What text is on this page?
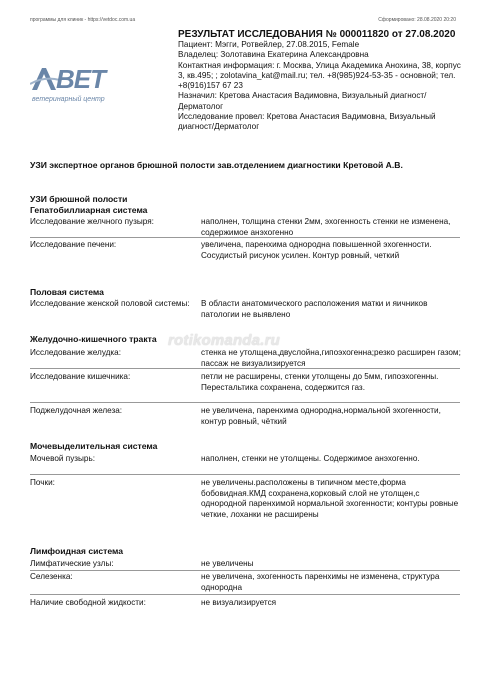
программы для клиник - https://vetdoc.com.ua	Сформировано: 28.08.2020 20:20
ВЕТ
ветеринарный центр
РЕЗУЛЬТАТ ИССЛЕДОВАНИЯ № 000011820 от 27.08.2020
Пациент: Мэгги, Ротвейлер, 27.08.2015, Female
Владелец: Золотавина Екатерина Александровна
Контактная информация: г. Москва, Улица Академика Анохина, 38, корпус 3, кв.495; ; zolotavina_kat@mail.ru; тел. +8(985)924-53-35 - основной; тел. +8(916)157 67 23
Назначил: Кретова Анастасия Вадимовна, Визуальный диагност/Дерматолог
Исследование провел: Кретова Анастасия Вадимовна, Визуальный диагност/Дерматолог
УЗИ экспертное органов брюшной полости зав.отделением диагностики Кретовой А.В.
УЗИ брюшной полости
Гепатобиллиарная система
Исследование желчного пузыря:	наполнен, толщина стенки 2мм, эхогенность стенки не изменена, содержимое анэхогенно
Исследование печени:	увеличена, паренхима однородна повышенной эхогенности. Сосудистый рисунок усилен. Контур ровный, четкий
Половая система
Исследование женской половой системы:	В области анатомического расположения матки и яичников патологии не выявлено
Желудочно-кишечного тракта
Исследование желудка:	стенка не утолщена,двуслойна,гипоэхогенна;резко расширен газом; пассаж не визуализируется
Исследование кишечника:	петли не расширены, стенки утолщены до 5мм, гипоэхогенны. Перестальтика сохранена, содержится газ.
Поджелудочная железа:	не увеличена, паренхима однородна,нормальной эхогенности, контур ровный, чёткий
Мочевыделительная система
Мочевой пузырь:	наполнен, стенки не утолщены. Содержимое анэхогенно.
Почки:	не увеличены.расположены в типичном месте,форма бобовидная.КМД сохранена,корковый слой не утолщен,с однородной паренхимой нормальной эхогенности; контуры ровные четкие, лоханки не расширены
Лимфоидная система
Лимфатические узлы:	не увеличены
Селезенка:	не увеличена, эхогенность паренхимы не изменена, структура однородна
Наличие свободной жидкости:	не визуализируется
rotikomanda.ru
